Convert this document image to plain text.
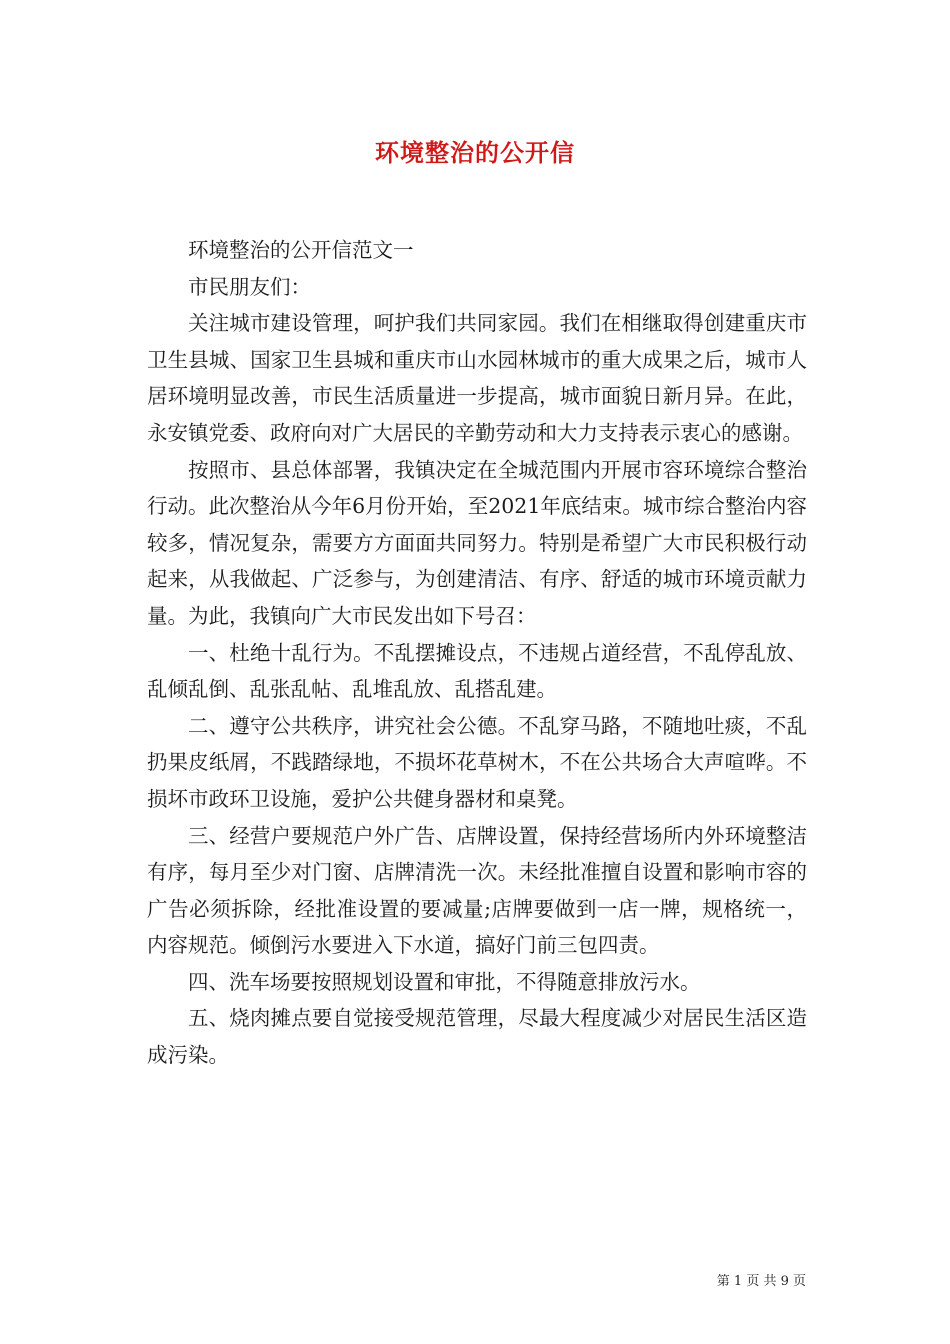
环境整治的公开信

环境整治的公开信范文一

市民朋友们：

关注城市建设管理，呵护我们共同家园。我们在相继取得创建重庆市卫生县城、国家卫生县城和重庆市山水园林城市的重大成果之后，城市人居环境明显改善，市民生活质量进一步提高，城市面貌日新月异。在此，永安镇党委、政府向对广大居民的辛勤劳动和大力支持表示衷心的感谢。

按照市、县总体部署，我镇决定在全城范围内开展市容环境综合整治行动。此次整治从今年6月份开始，至2021年底结束。城市综合整治内容较多，情况复杂，需要方方面面共同努力。特别是希望广大市民积极行动起来，从我做起、广泛参与，为创建清洁、有序、舒适的城市环境贡献力量。为此，我镇向广大市民发出如下号召：

一、杜绝十乱行为。不乱摆摊设点，不违规占道经营，不乱停乱放、乱倾乱倒、乱张乱帖、乱堆乱放、乱搭乱建。

二、遵守公共秩序，讲究社会公德。不乱穿马路，不随地吐痰，不乱扔果皮纸屑，不践踏绿地，不损坏花草树木，不在公共场合大声喧哗。不损坏市政环卫设施，爱护公共健身器材和桌凳。

三、经营户要规范户外广告、店牌设置，保持经营场所内外环境整洁有序，每月至少对门窗、店牌清洗一次。未经批准擅自设置和影响市容的广告必须拆除，经批准设置的要减量;店牌要做到一店一牌，规格统一，内容规范。倾倒污水要进入下水道，搞好门前三包四责。

四、洗车场要按照规划设置和审批，不得随意排放污水。

五、烧肉摊点要自觉接受规范管理，尽最大程度减少对居民生活区造成污染。

第 1 页 共 9 页
